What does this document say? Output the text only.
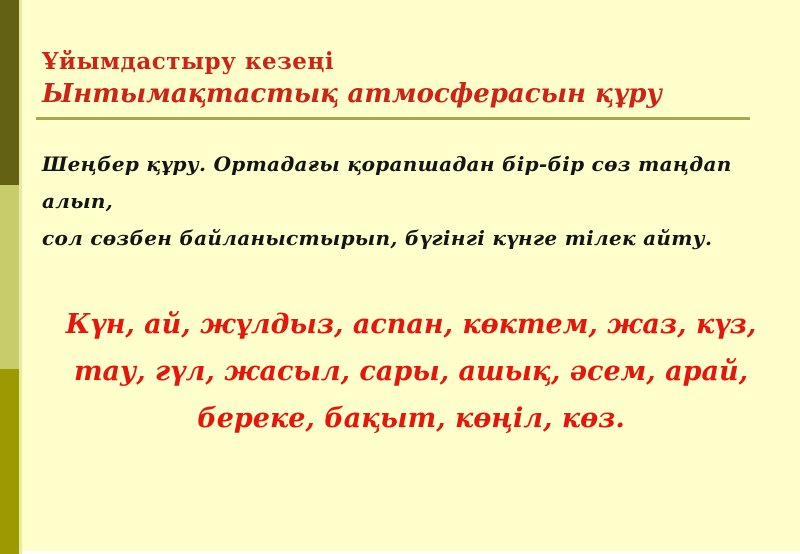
Ұйымдастыру кезеңі
Ынтымақтастық атмосферасын құру
Шеңбер құру. Ортадағы қорапшадан бір-бір сөз таңдап алып,
сол сөзбен байланыстырып, бүгінгі күнге тілек айту.
Күн, ай, жұлдыз, аспан, көктем, жаз, күз,
тау, гүл, жасыл, сары, ашық, әсем, арай,
береке, бақыт, көңіл, көз.
